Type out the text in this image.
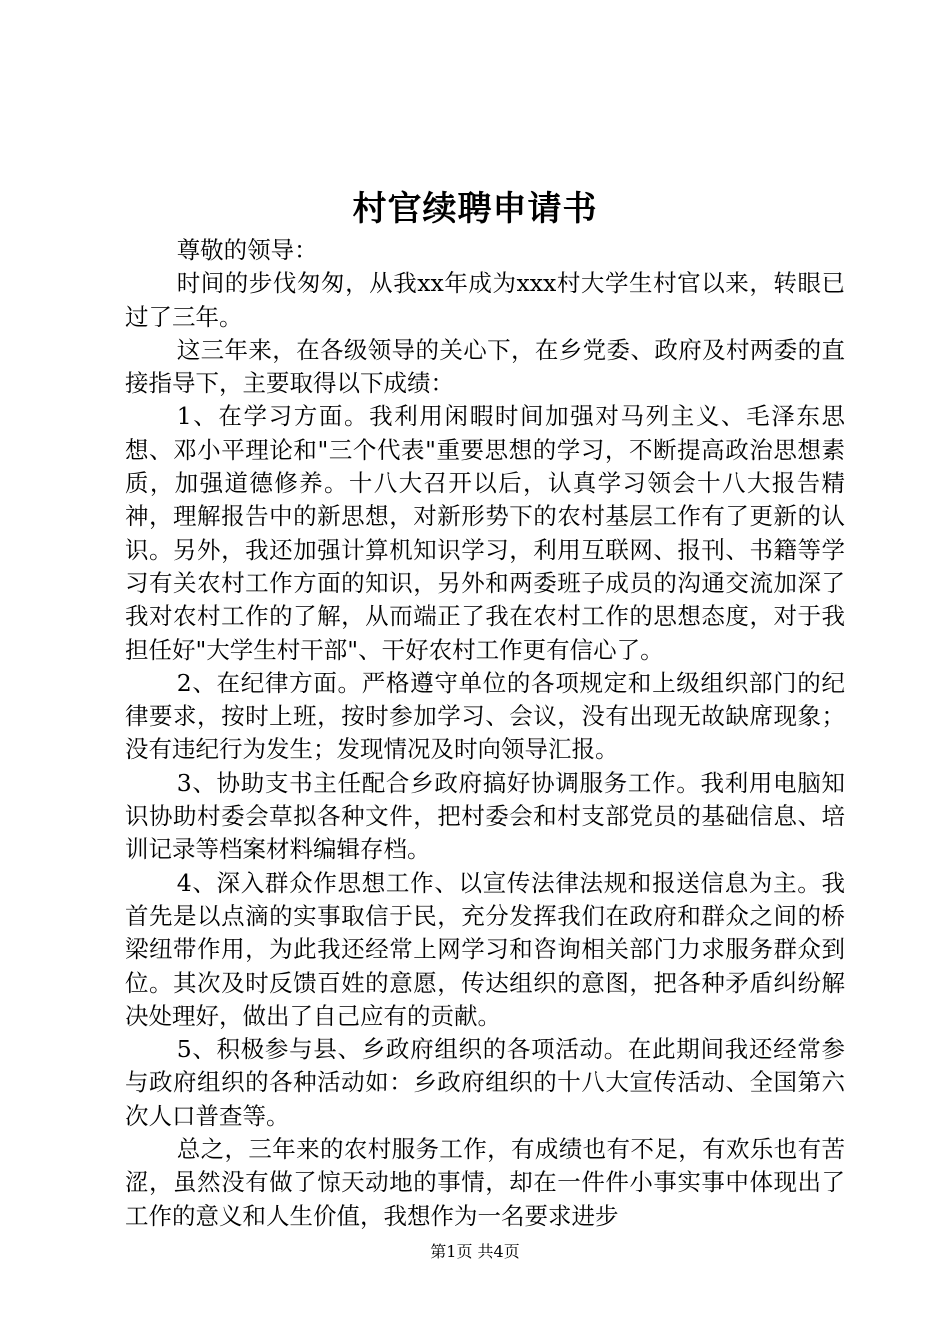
村官续聘申请书

尊敬的领导：

时间的步伐匆匆，从我xx年成为xxx村大学生村官以来，转眼已过了三年。

这三年来，在各级领导的关心下，在乡党委、政府及村两委的直接指导下，主要取得以下成绩：

1、在学习方面。我利用闲暇时间加强对马列主义、毛泽东思想、邓小平理论和"三个代表"重要思想的学习，不断提高政治思想素质，加强道德修养。十八大召开以后，认真学习领会十八大报告精神，理解报告中的新思想，对新形势下的农村基层工作有了更新的认识。另外，我还加强计算机知识学习，利用互联网、报刊、书籍等学习有关农村工作方面的知识，另外和两委班子成员的沟通交流加深了我对农村工作的了解，从而端正了我在农村工作的思想态度，对于我担任好"大学生村干部"、干好农村工作更有信心了。

2、在纪律方面。严格遵守单位的各项规定和上级组织部门的纪律要求，按时上班，按时参加学习、会议，没有出现无故缺席现象；没有违纪行为发生；发现情况及时向领导汇报。

3、协助支书主任配合乡政府搞好协调服务工作。我利用电脑知识协助村委会草拟各种文件，把村委会和村支部党员的基础信息、培训记录等档案材料编辑存档。

4、深入群众作思想工作、以宣传法律法规和报送信息为主。我首先是以点滴的实事取信于民，充分发挥我们在政府和群众之间的桥梁纽带作用，为此我还经常上网学习和咨询相关部门力求服务群众到位。其次及时反馈百姓的意愿，传达组织的意图，把各种矛盾纠纷解决处理好，做出了自己应有的贡献。

5、积极参与县、乡政府组织的各项活动。在此期间我还经常参与政府组织的各种活动如：乡政府组织的十八大宣传活动、全国第六次人口普查等。

总之，三年来的农村服务工作，有成绩也有不足，有欢乐也有苦涩，虽然没有做了惊天动地的事情，却在一件件小事实事中体现出了工作的意义和人生价值，我想作为一名要求进步

第1页 共4页
